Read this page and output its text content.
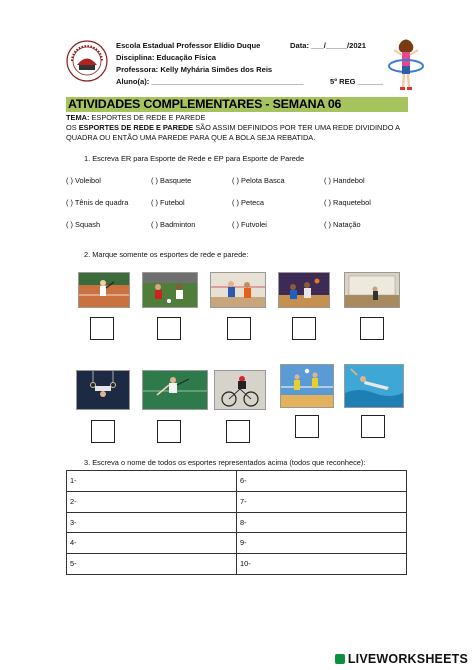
Escola Estadual Professor Elídio Duque	Data: ___/_____/2021
Disciplina: Educação Física
Professora: Kelly Myhária Simões dos Reis
Aluno(a): ____________________________________	5º REG ______
ATIVIDADES COMPLEMENTARES - SEMANA 06
TEMA: ESPORTES DE REDE E PAREDE
OS ESPORTES DE REDE E PAREDE SÃO ASSIM DEFINIDOS POR TER UMA REDE DIVIDINDO A
QUADRA OU ENTÃO UMA PAREDE PARA QUE A BOLA SEJA REBATIDA.
1. Escreva ER para Esporte de Rede e EP para Esporte de Parede
( ) Voleibol	( ) Basquete	( ) Pelota Basca	( ) Handebol
( ) Tênis de quadra	( ) Futebol	( ) Peteca	( ) Raquetebol
( ) Squash	( ) Badminton	( ) Futvolei	( ) Natação
2. Marque somente os esportes de rede e parede:
3. Escreva o nome de todos os esportes representados acima (todos que reconhece):
1-	6-
2-	7-
3-	8-
4-	9-
5-	10-
LIVEWORKSHEETS
